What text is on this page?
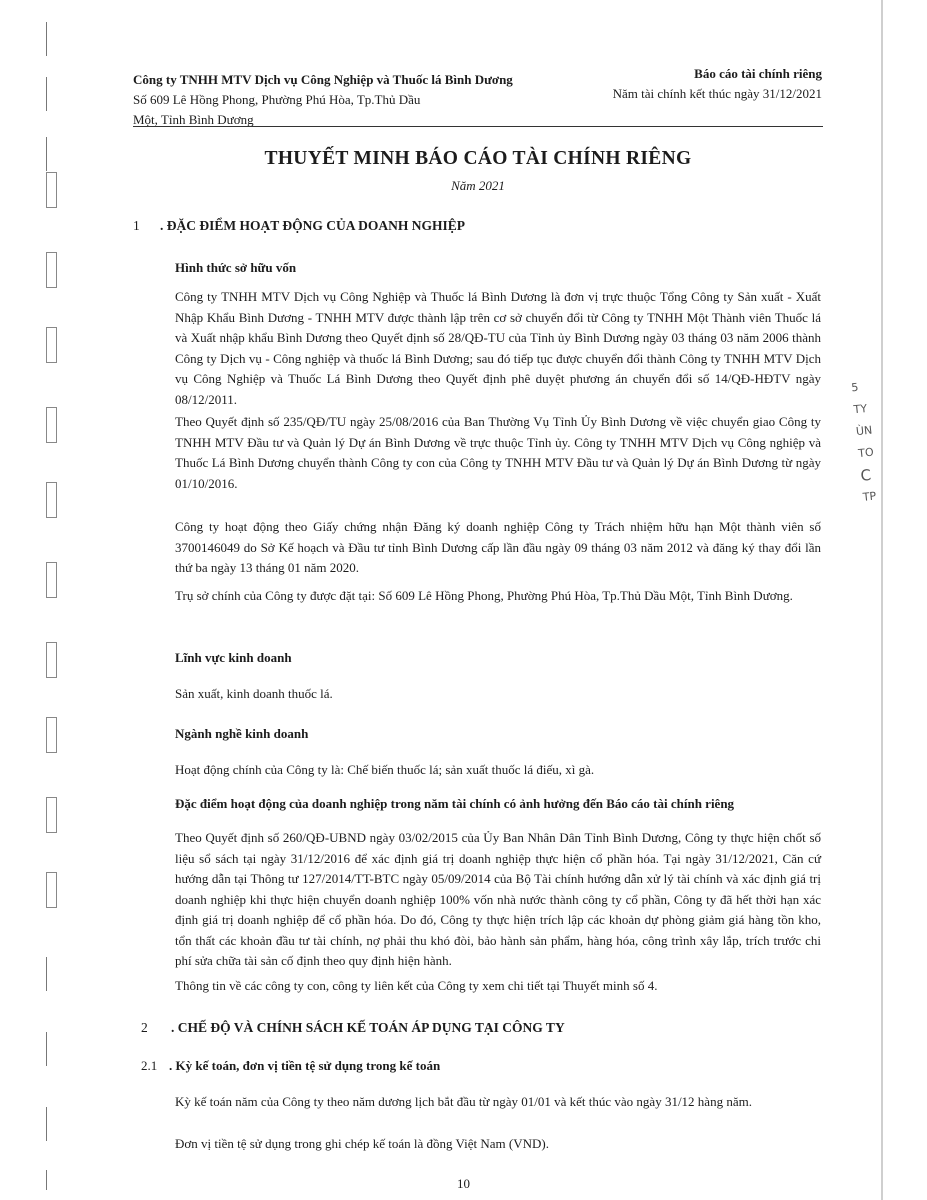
5
TY
ÙN
TO
C
TP
Công ty TNHH MTV Dịch vụ Công Nghiệp và Thuốc lá Bình Dương
Số 609 Lê Hồng Phong, Phường Phú Hòa, Tp.Thủ Dầu
Một, Tỉnh Bình Dương
Báo cáo tài chính riêng
Năm tài chính kết thúc ngày 31/12/2021
THUYẾT MINH BÁO CÁO TÀI CHÍNH RIÊNG
Năm 2021
1 . ĐẶC ĐIỂM HOẠT ĐỘNG CỦA DOANH NGHIỆP
Hình thức sở hữu vốn
Công ty TNHH MTV Dịch vụ Công Nghiệp và Thuốc lá Bình Dương là đơn vị trực thuộc Tổng Công ty Sản xuất - Xuất Nhập Khẩu Bình Dương - TNHH MTV được thành lập trên cơ sở chuyển đổi từ Công ty TNHH Một Thành viên Thuốc lá và Xuất nhập khẩu Bình Dương theo Quyết định số 28/QĐ-TU của Tỉnh ủy Bình Dương ngày 03 tháng 03 năm 2006 thành Công ty Dịch vụ - Công nghiệp và thuốc lá Bình Dương; sau đó tiếp tục được chuyển đổi thành Công ty TNHH MTV Dịch vụ Công Nghiệp và Thuốc Lá Bình Dương theo Quyết định phê duyệt phương án chuyển đổi số 14/QĐ-HĐTV ngày 08/12/2011.
Theo Quyết định số 235/QĐ/TU ngày 25/08/2016 của Ban Thường Vụ Tỉnh Ủy Bình Dương về việc chuyển giao Công ty TNHH MTV Đầu tư và Quản lý Dự án Bình Dương về trực thuộc Tỉnh ủy. Công ty TNHH MTV Dịch vụ Công nghiệp và Thuốc Lá Bình Dương chuyển thành Công ty con của Công ty TNHH MTV Đầu tư và Quản lý Dự án Bình Dương từ ngày 01/10/2016.
Công ty hoạt động theo Giấy chứng nhận Đăng ký doanh nghiệp Công ty Trách nhiệm hữu hạn Một thành viên số 3700146049 do Sở Kế hoạch và Đầu tư tỉnh Bình Dương cấp lần đầu ngày 09 tháng 03 năm 2012 và đăng ký thay đổi lần thứ ba ngày 13 tháng 01 năm 2020.
Trụ sở chính của Công ty được đặt tại: Số 609 Lê Hồng Phong, Phường Phú Hòa, Tp.Thủ Dầu Một, Tỉnh Bình Dương.
Lĩnh vực kinh doanh
Sản xuất, kinh doanh thuốc lá.
Ngành nghề kinh doanh
Hoạt động chính của Công ty là: Chế biến thuốc lá; sản xuất thuốc lá điếu, xì gà.
Đặc điểm hoạt động của doanh nghiệp trong năm tài chính có ảnh hưởng đến Báo cáo tài chính riêng
Theo Quyết định số 260/QĐ-UBND ngày 03/02/2015 của Ủy Ban Nhân Dân Tỉnh Bình Dương, Công ty thực hiện chốt số liệu sổ sách tại ngày 31/12/2016 để xác định giá trị doanh nghiệp thực hiện cổ phần hóa. Tại ngày 31/12/2021, Căn cứ hướng dẫn tại Thông tư 127/2014/TT-BTC ngày 05/09/2014 của Bộ Tài chính hướng dẫn xử lý tài chính và xác định giá trị doanh nghiệp khi thực hiện chuyển doanh nghiệp 100% vốn nhà nước thành công ty cổ phần, Công ty đã hết thời hạn xác định giá trị doanh nghiệp để cổ phần hóa. Do đó, Công ty thực hiện trích lập các khoản dự phòng giảm giá hàng tồn kho, tổn thất các khoản đầu tư tài chính, nợ phải thu khó đòi, bảo hành sản phẩm, hàng hóa, công trình xây lắp, trích trước chi phí sửa chữa tài sản cố định theo quy định hiện hành.
Thông tin về các công ty con, công ty liên kết của Công ty xem chi tiết tại Thuyết minh số 4.
2 . CHẾ ĐỘ VÀ CHÍNH SÁCH KẾ TOÁN ÁP DỤNG TẠI CÔNG TY
2.1 . Kỳ kế toán, đơn vị tiền tệ sử dụng trong kế toán
Kỳ kế toán năm của Công ty theo năm dương lịch bắt đầu từ ngày 01/01 và kết thúc vào ngày 31/12 hàng năm.
Đơn vị tiền tệ sử dụng trong ghi chép kế toán là đồng Việt Nam (VND).
10
